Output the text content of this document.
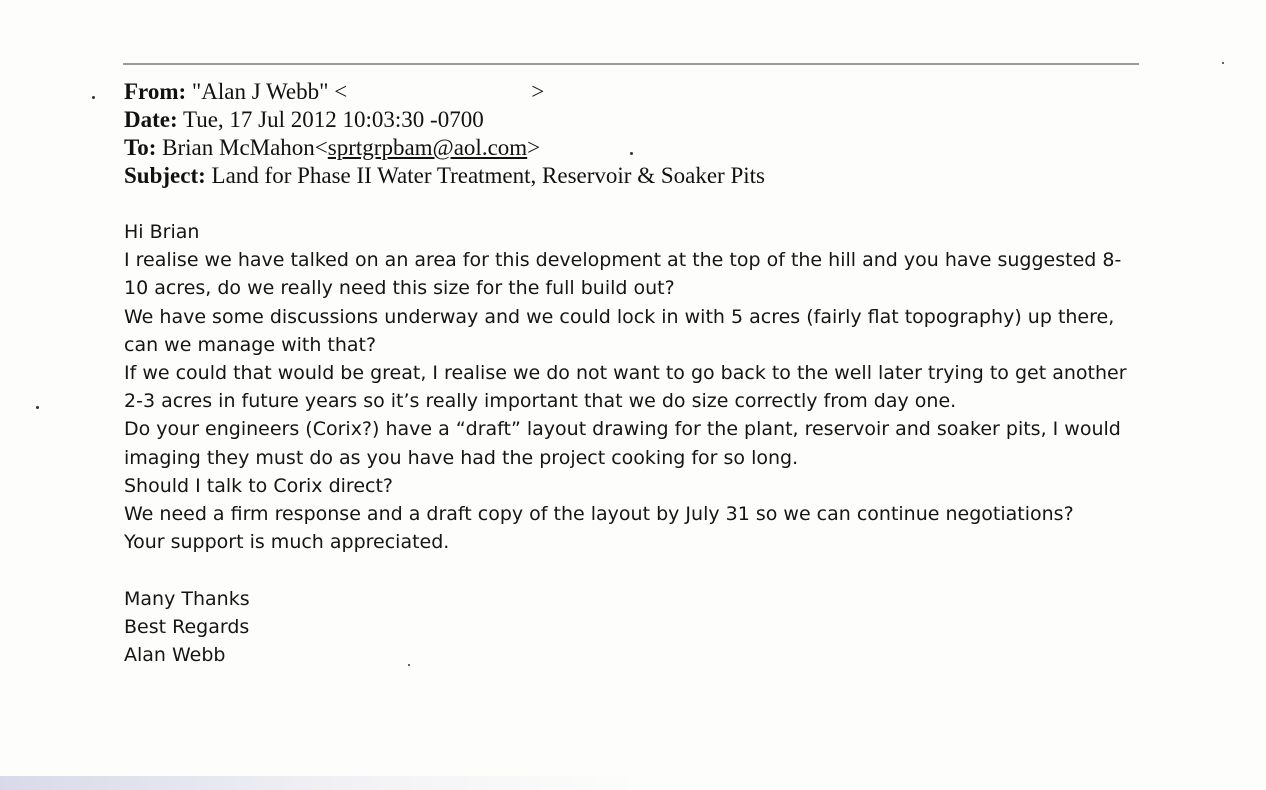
From: "Alan J Webb" <	>
Date: Tue, 17 Jul 2012 10:03:30 -0700
To: Brian McMahon<sprtgrpbam@aol.com>
Subject: Land for Phase II Water Treatment, Reservoir & Soaker Pits

Hi Brian

I realise we have talked on an area for this development at the top of the hill and you have suggested 8-10 acres, do we really need this size for the full build out?

We have some discussions underway and we could lock in with 5 acres (fairly flat topography) up there, can we manage with that?

If we could that would be great, I realise we do not want to go back to the well later trying to get another 2-3 acres in future years so it’s really important that we do size correctly from day one.

Do your engineers (Corix?) have a “draft” layout drawing for the plant, reservoir and soaker pits, I would imaging they must do as you have had the project cooking for so long.

Should I talk to Corix direct?

We need a firm response and a draft copy of the layout by July 31 so we can continue negotiations?

Your support is much appreciated.

Many Thanks

Best Regards

Alan Webb
